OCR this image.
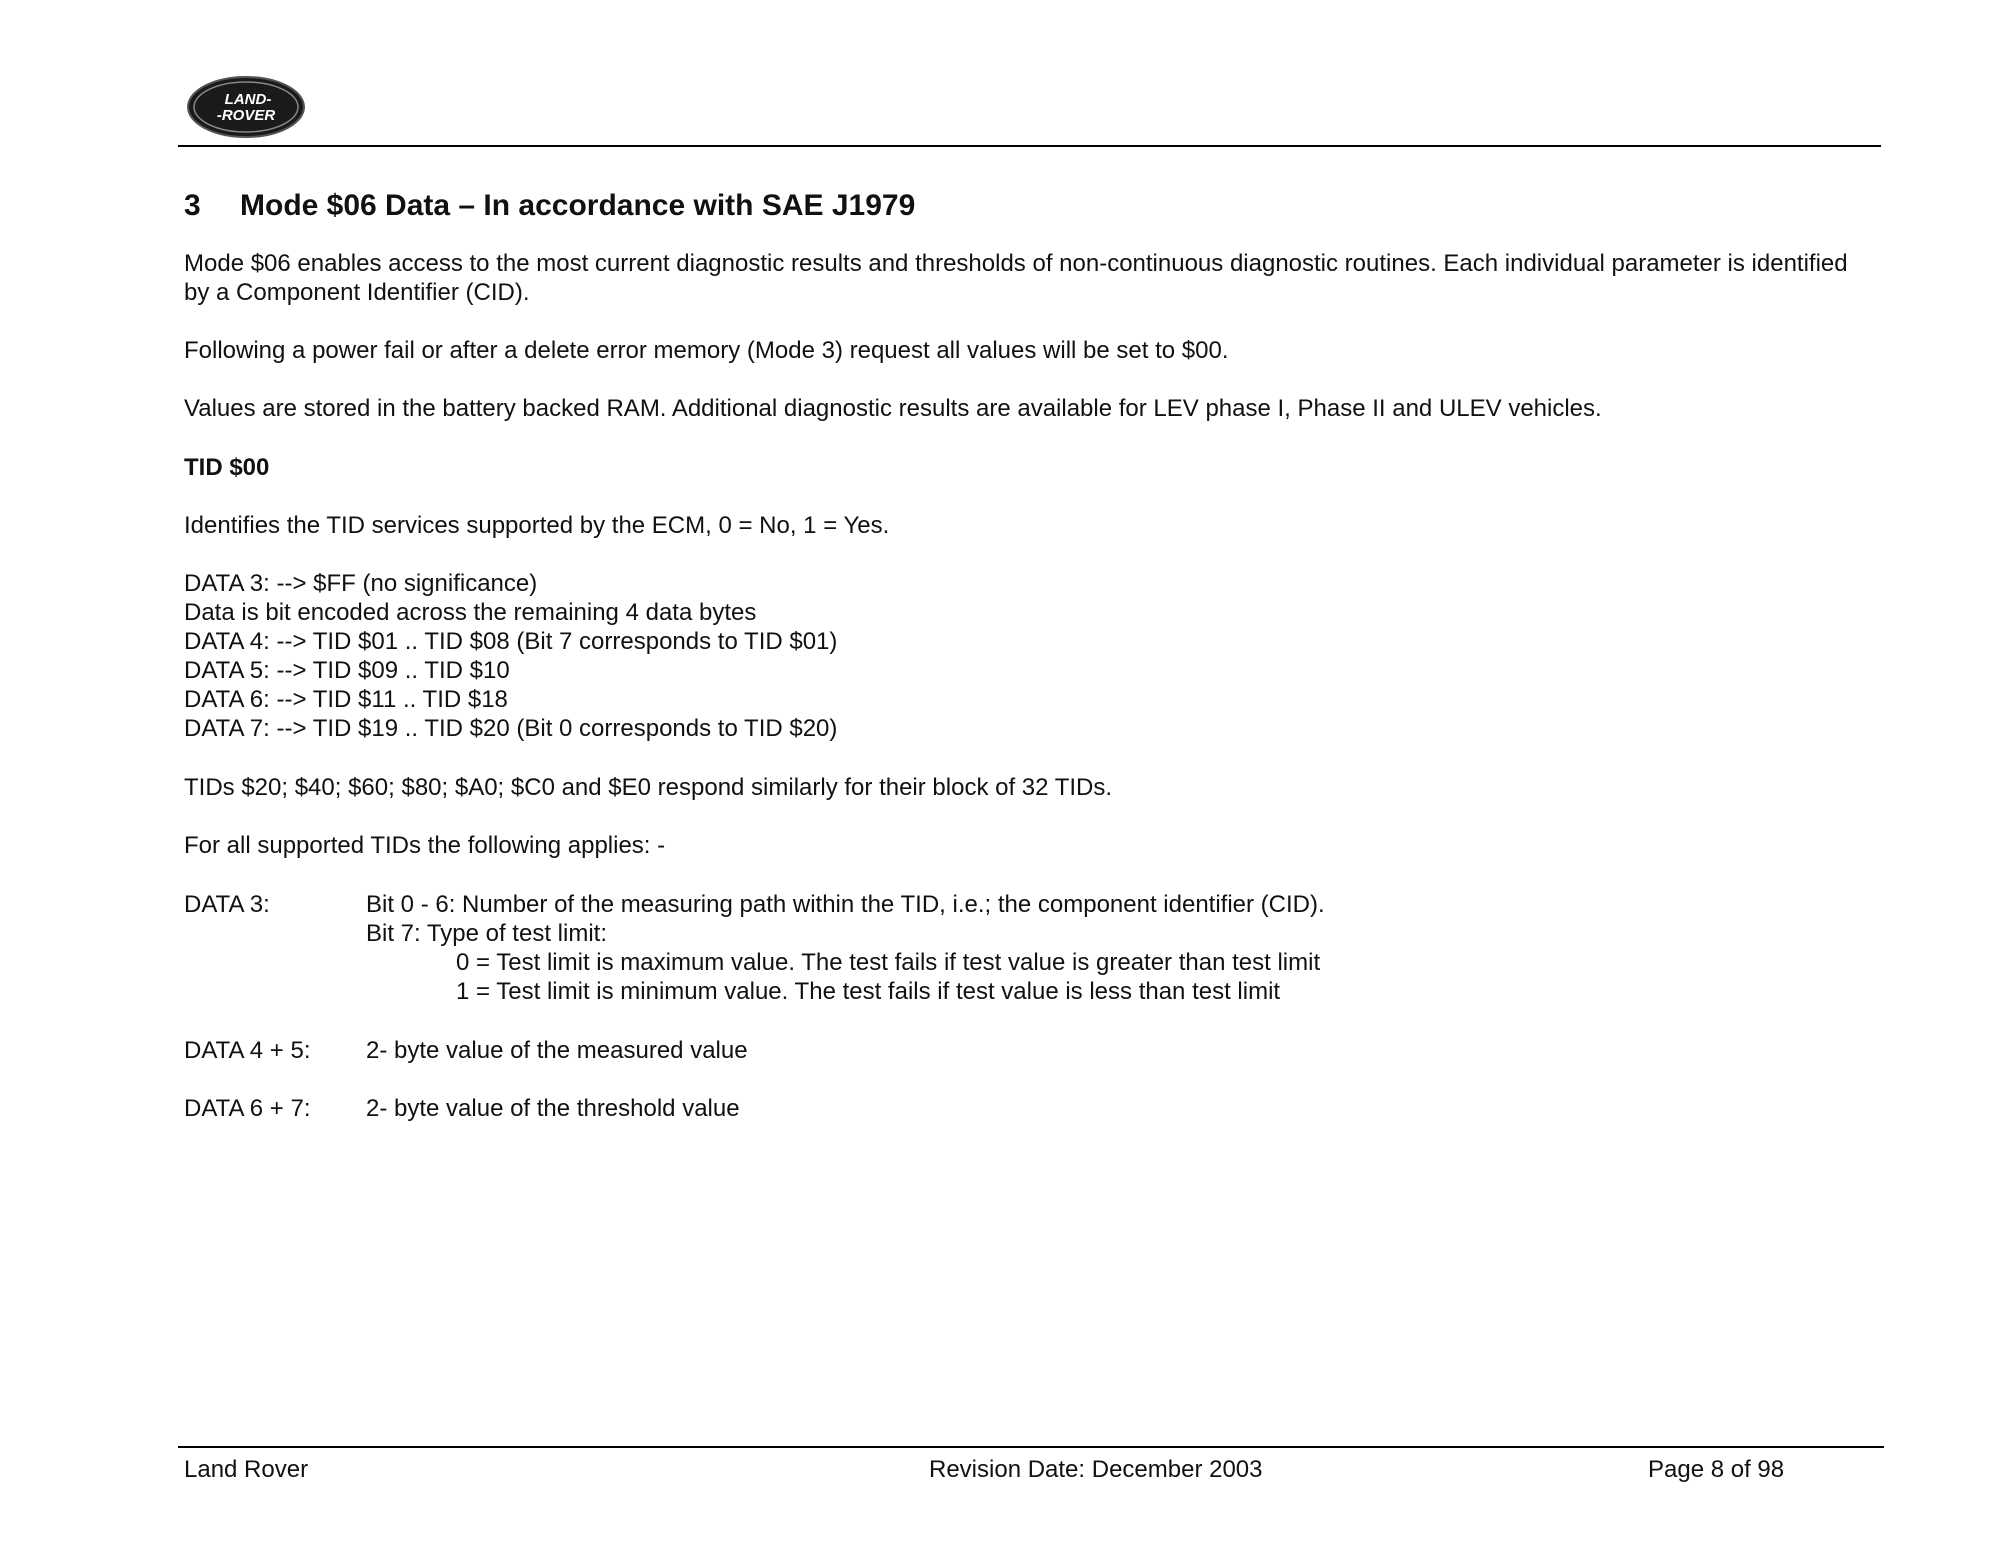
LAND-
-ROVER
3 Mode $06 Data – In accordance with SAE J1979

Mode $06 enables access to the most current diagnostic results and thresholds of non-continuous diagnostic routines. Each individual parameter is identified by a Component Identifier (CID).

Following a power fail or after a delete error memory (Mode 3) request all values will be set to $00.

Values are stored in the battery backed RAM. Additional diagnostic results are available for LEV phase I, Phase II and ULEV vehicles.

TID $00

Identifies the TID services supported by the ECM, 0 = No, 1 = Yes.

DATA 3: --> $FF (no significance)

Data is bit encoded across the remaining 4 data bytes

DATA 4: --> TID $01 .. TID $08 (Bit 7 corresponds to TID $01)

DATA 5: --> TID $09 .. TID $10

DATA 6: --> TID $11 .. TID $18

DATA 7: --> TID $19 .. TID $20 (Bit 0 corresponds to TID $20)

TIDs $20; $40; $60; $80; $A0; $C0 and $E0 respond similarly for their block of 32 TIDs.

For all supported TIDs the following applies: -

DATA 3:	Bit 0 - 6: Number of the measuring path within the TID, i.e.; the component identifier (CID).

Bit 7: Type of test limit:

0 = Test limit is maximum value. The test fails if test value is greater than test limit

1 = Test limit is minimum value. The test fails if test value is less than test limit

DATA 4 + 5:	2- byte value of the measured value
DATA 6 + 7:	2- byte value of the threshold value
Land Rover	Revision Date: December 2003	Page 8 of 98
